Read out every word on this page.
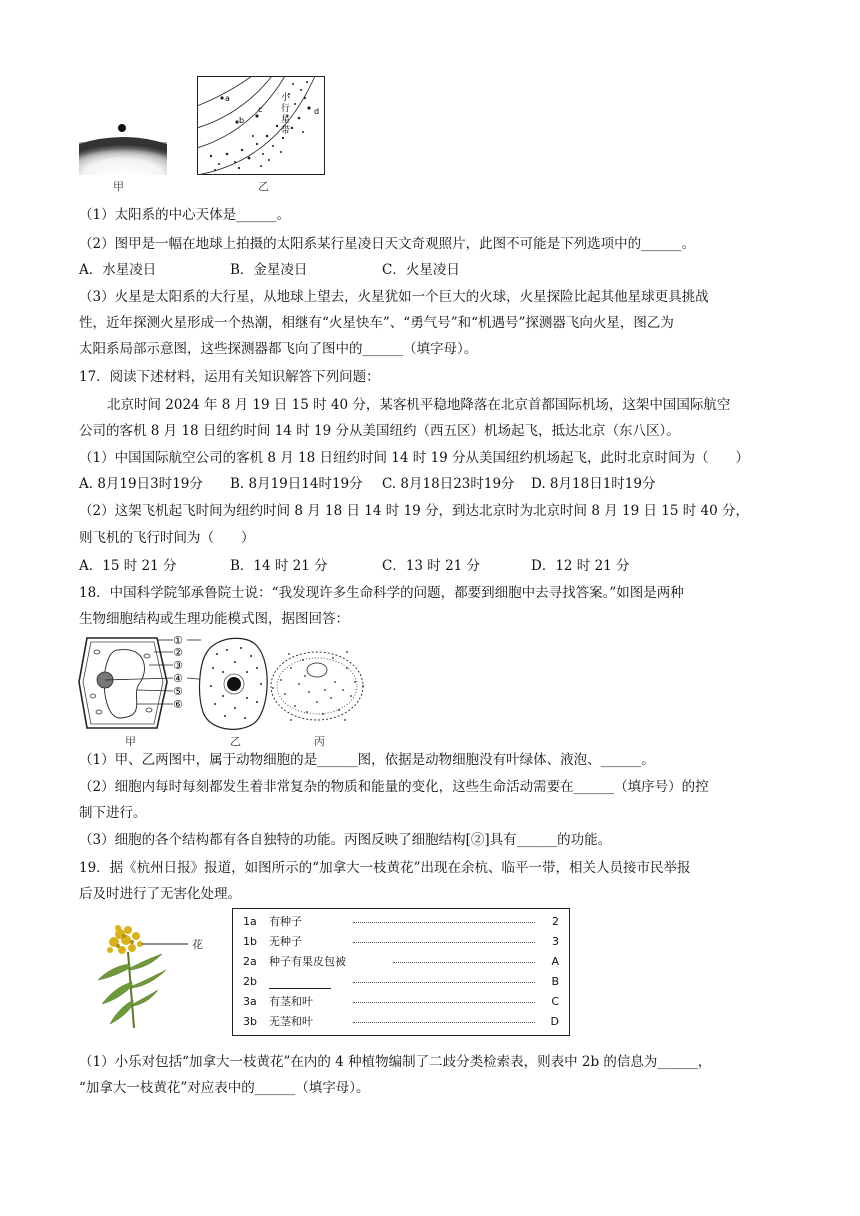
甲
a
b
c	d
小
行
星
带
乙
（1）太阳系的中心天体是______。
（2）图甲是一幅在地球上拍摄的太阳系某行星凌日天文奇观照片，此图不可能是下列选项中的______。
A．水星凌日	B．金星凌日	C．火星凌日
（3）火星是太阳系的大行星，从地球上望去，火星犹如一个巨大的火球，火星探险比起其他星球更具挑战
性，近年探测火星形成一个热潮，相继有“火星快车”、“勇气号”和“机遇号”探测器飞向火星，图乙为
太阳系局部示意图，这些探测器都飞向了图中的______（填字母）。
17．阅读下述材料，运用有关知识解答下列问题：
北京时间 2024 年 8 月 19 日 15 时 40 分，某客机平稳地降落在北京首都国际机场，这架中国国际航空
公司的客机 8 月 18 日纽约时间 14 时 19 分从美国纽约（西五区）机场起飞，抵达北京（东八区）。
（1）中国国际航空公司的客机 8 月 18 日纽约时间 14 时 19 分从美国纽约机场起飞，此时北京时间为（　　）
A. 8月19日3时19分 B. 8月19日14时19分 C. 8月18日23时19分 D. 8月18日1时19分
（2）这架飞机起飞时间为纽约时间 8 月 18 日 14 时 19 分，到达北京时为北京时间 8 月 19 日 15 时 40 分，
则飞机的飞行时间为（　　）
A．15 时 21 分	B．14 时 21 分	C．13 时 21 分	D．12 时 21 分
18．中国科学院邹承鲁院士说：“我发现许多生命科学的问题，都要到细胞中去寻找答案。”如图是两种
生物细胞结构或生理功能模式图，据图回答：
①
②
③
④
⑤
⑥
甲	乙	丙
（1）甲、乙两图中，属于动物细胞的是______图，依据是动物细胞没有叶绿体、液泡、______。
（2）细胞内每时每刻都发生着非常复杂的物质和能量的变化，这些生命活动需要在______（填序号）的控
制下进行。
（3）细胞的各个结构都有各自独特的功能。丙图反映了细胞结构[②]具有______的功能。
19．据《杭州日报》报道，如图所示的“加拿大一枝黄花”出现在余杭、临平一带，相关人员接市民举报
后及时进行了无害化处理。
花
1a 有种子	2
1b 无种子	3
2a 种子有果皮包被	A
2b	B
3a 有茎和叶	C
3b 无茎和叶	D
（1）小乐对包括“加拿大一枝黄花”在内的 4 种植物编制了二歧分类检索表，则表中 2b 的信息为______，
“加拿大一枝黄花”对应表中的______（填字母）。
